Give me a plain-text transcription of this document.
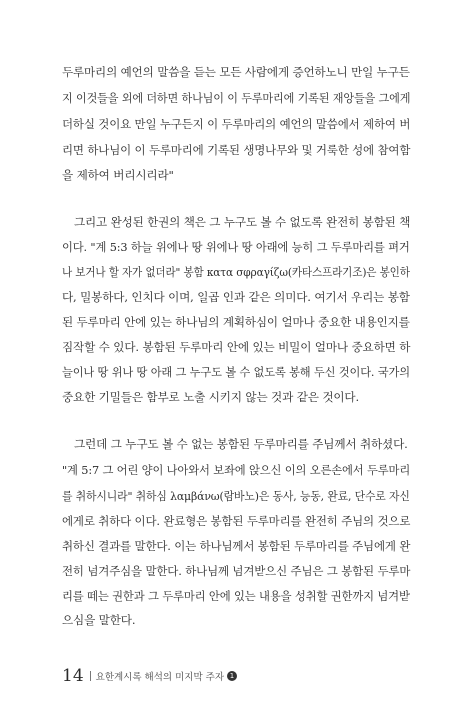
두루마리의 예언의 말씀을 듣는 모든 사람에게 증언하노니 만일 누구든
지 이것들을 외에 더하면 하나님이 이 두루마리에 기록된 재앙들을 그에게
더하실 것이요 만일 누구든지 이 두루마리의 예언의 말씀에서 제하여 버
리면 하나님이 이 두루마리에 기록된 생명나무와 및 거룩한 성에 참여함
을 제하여 버리시리라"
그리고 완성된 한권의 책은 그 누구도 볼 수 없도록 완전히 봉함된 책
이다. "계 5:3 하늘 위에나 땅 위에나 땅 아래에 능히 그 두루마리를 펴거
나 보거나 할 자가 없더라" 봉함 κατα σφραγίζω(카타스프라기조)은 봉인하
다, 밀봉하다, 인치다 이며, 일곱 인과 같은 의미다. 여기서 우리는 봉함
된 두루마리 안에 있는 하나님의 계획하심이 얼마나 중요한 내용인지를
짐작할 수 있다. 봉함된 두루마리 안에 있는 비밀이 얼마나 중요하면 하
늘이나 땅 위나 땅 아래 그 누구도 볼 수 없도록 봉해 두신 것이다. 국가의
중요한 기밀들은 함부로 노출 시키지 않는 것과 같은 것이다.
그런데 그 누구도 볼 수 없는 봉함된 두루마리를 주님께서 취하셨다.
"계 5:7 그 어린 양이 나아와서 보좌에 앉으신 이의 오른손에서 두루마리
를 취하시니라" 취하심 λαμβάνω(람바노)은 동사, 능동, 완료, 단수로 자신
에게로 취하다 이다. 완료형은 봉함된 두루마리를 완전히 주님의 것으로
취하신 결과를 말한다. 이는 하나님께서 봉함된 두루마리를 주님에게 완
전히 넘겨주심을 말한다. 하나님께 넘겨받으신 주님은 그 봉함된 두루마
리를 떼는 권한과 그 두루마리 안에 있는 내용을 성취할 권한까지 넘겨받
으심을 말한다.
14 요한계시록 해석의 미지막 주자 1
